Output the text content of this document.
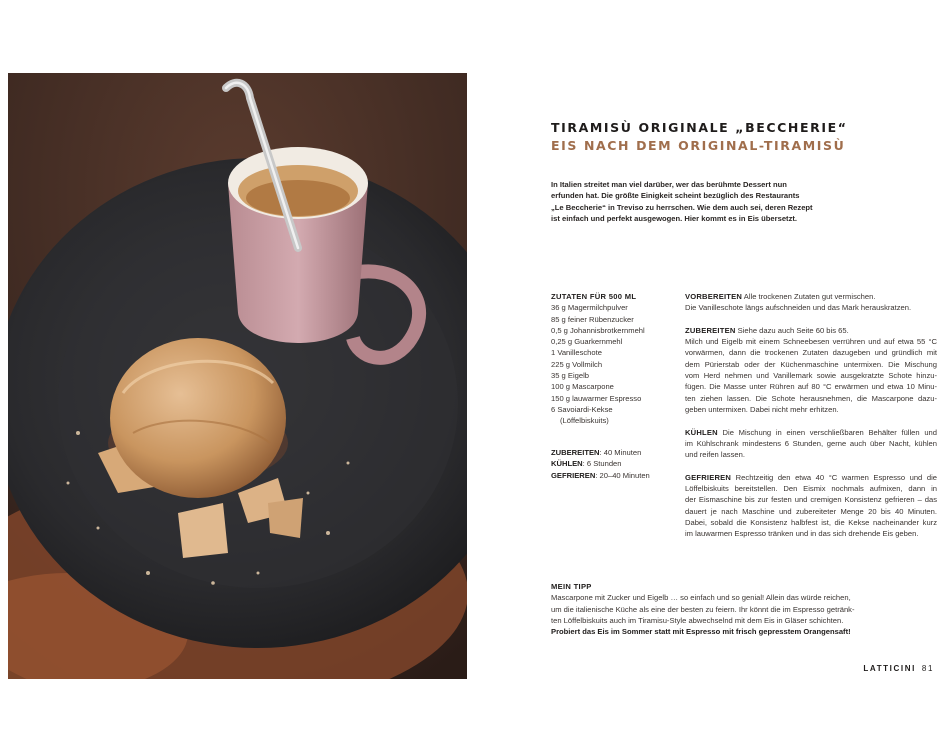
TIRAMISÙ ORIGINALE „BECCHERIE“
EIS NACH DEM ORIGINAL-TIRAMISÙ
In Italien streitet man viel darüber, wer das berühmte Dessert nun
erfunden hat. Die größte Einigkeit scheint bezüglich des Restaurants
„Le Beccherie“ in Treviso zu herrschen. Wie dem auch sei, deren Rezept
ist einfach und perfekt ausgewogen. Hier kommt es in Eis übersetzt.
ZUTATEN FÜR 500 ML
36 g Magermilchpulver
85 g feiner Rübenzucker
0,5 g Johannisbrotkernmehl
0,25 g Guarkernmehl
1 Vanilleschote
225 g Vollmilch
35 g Eigelb
100 g Mascarpone
150 g lauwarmer Espresso
6 Savoiardi-Kekse
(Löffelbiskuits)
ZUBEREITEN: 40 Minuten
KÜHLEN: 6 Stunden
GEFRIEREN: 20–40 Minuten

VORBEREITEN Alle trockenen Zutaten gut vermischen.
Die Vanilleschote längs aufschneiden und das Mark herauskratzen.

ZUBEREITEN Siehe dazu auch Seite 60 bis 65.
Milch und Eigelb mit einem Schneebesen verrühren und auf etwa 55 °C
vorwärmen, dann die trockenen Zutaten dazugeben und gründlich mit
dem Pürierstab oder der Küchenmaschine untermixen. Die Mischung
vom Herd nehmen und Vanillemark sowie ausgekratzte Schote hinzu-
fügen. Die Masse unter Rühren auf 80 °C erwärmen und etwa 10 Minu-
ten ziehen lassen. Die Schote herausnehmen, die Mascarpone dazu-
geben untermixen. Dabei nicht mehr erhitzen.

KÜHLEN Die Mischung in einen verschließbaren Behälter füllen und
im Kühlschrank mindestens 6 Stunden, gerne auch über Nacht, kühlen
und reifen lassen.

GEFRIEREN Rechtzeitig den etwa 40 °C warmen Espresso und die
Löffelbiskuits bereitstellen. Den Eismix nochmals aufmixen, dann in
der Eismaschine bis zur festen und cremigen Konsistenz gefrieren – das
dauert je nach Maschine und zubereiteter Menge 20 bis 40 Minuten.
Dabei, sobald die Konsistenz halbfest ist, die Kekse nacheinander kurz
im lauwarmen Espresso tränken und in das sich drehende Eis geben.

MEIN TIPP
Mascarpone mit Zucker und Eigelb … so einfach und so genial! Allein das würde reichen,
um die italienische Küche als eine der besten zu feiern. Ihr könnt die im Espresso getränk-
ten Löffelbiskuits auch im Tiramisu-Style abwechselnd mit dem Eis in Gläser schichten.
Probiert das Eis im Sommer statt mit Espresso mit frisch gepresstem Orangensaft!
LATTICINI 81
